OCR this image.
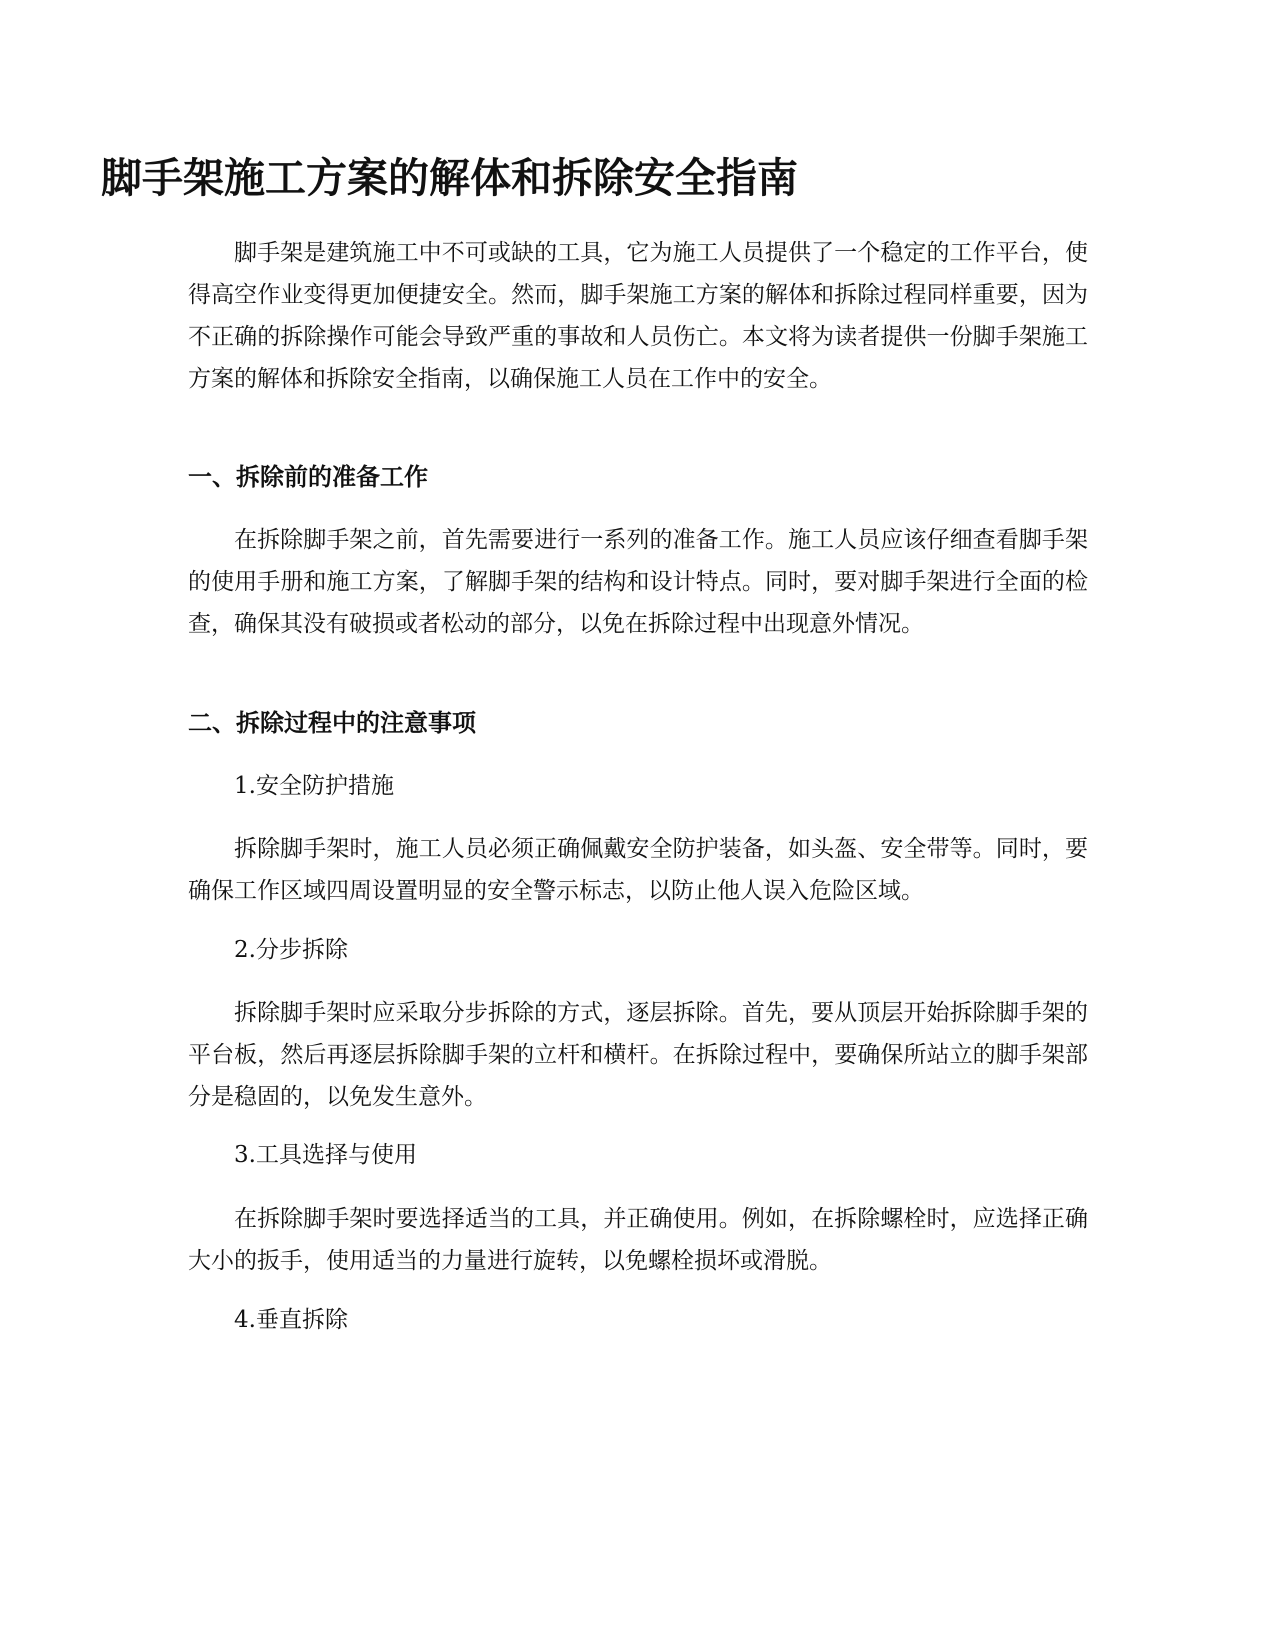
脚手架施工方案的解体和拆除安全指南

脚手架是建筑施工中不可或缺的工具，它为施工人员提供了一个稳定的工作平台，使得高空作业变得更加便捷安全。然而，脚手架施工方案的解体和拆除过程同样重要，因为不正确的拆除操作可能会导致严重的事故和人员伤亡。本文将为读者提供一份脚手架施工方案的解体和拆除安全指南，以确保施工人员在工作中的安全。

一、拆除前的准备工作

在拆除脚手架之前，首先需要进行一系列的准备工作。施工人员应该仔细查看脚手架的使用手册和施工方案，了解脚手架的结构和设计特点。同时，要对脚手架进行全面的检查，确保其没有破损或者松动的部分，以免在拆除过程中出现意外情况。

二、拆除过程中的注意事项

1.安全防护措施

拆除脚手架时，施工人员必须正确佩戴安全防护装备，如头盔、安全带等。同时，要确保工作区域四周设置明显的安全警示标志，以防止他人误入危险区域。

2.分步拆除

拆除脚手架时应采取分步拆除的方式，逐层拆除。首先，要从顶层开始拆除脚手架的平台板，然后再逐层拆除脚手架的立杆和横杆。在拆除过程中，要确保所站立的脚手架部分是稳固的，以免发生意外。

3.工具选择与使用

在拆除脚手架时要选择适当的工具，并正确使用。例如，在拆除螺栓时，应选择正确大小的扳手，使用适当的力量进行旋转，以免螺栓损坏或滑脱。

4.垂直拆除
